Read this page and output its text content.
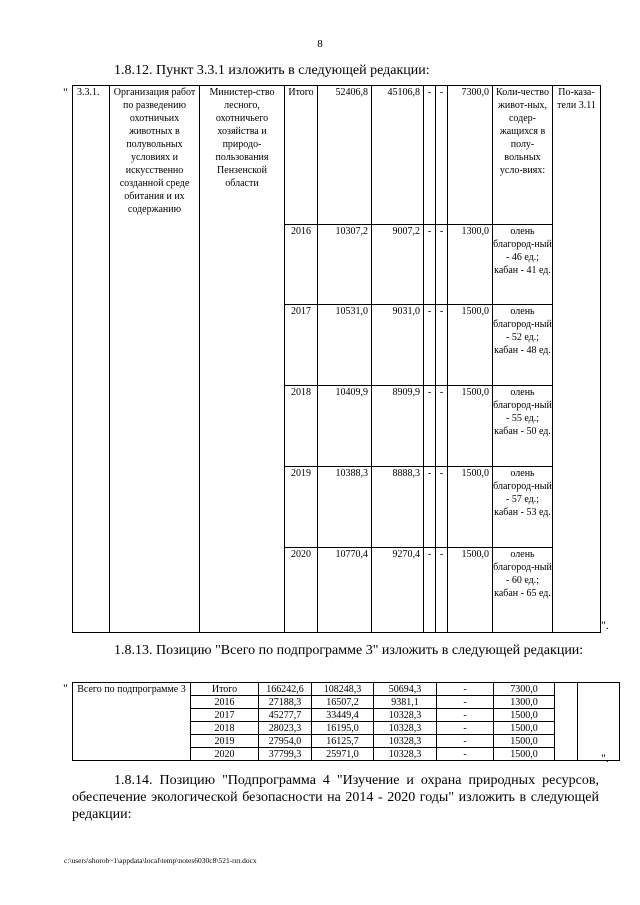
8
1.8.12. Пункт 3.3.1 изложить в следующей редакции:
"
".
3.3.1.	Организация работ по разведению охотничьих животных в полувольных условиях и искусственно созданной среде обитания и их содержанию	Министер-ство лесного, охотничьего хозяйства и природо-пользования Пензенской области	Итого	52406,8	45106,8	-	-	7300,0	Коли-чество живот-ных, содер-жащихся в полу-вольных усло-виях:	По-каза-тели 3.11
			2016	10307,2	9007,2	-	-	1300,0	олень благород-ный - 46 ед.; кабан - 41 ед.	
			2017	10531,0	9031,0	-	-	1500,0	олень благород-ный - 52 ед.; кабан - 48 ед.	
			2018	10409,9	8909,9	-	-	1500,0	олень благород-ный - 55 ед.; кабан - 50 ед.	
			2019	10388,3	8888,3	-	-	1500,0	олень благород-ный - 57 ед.; кабан - 53 ед.	
			2020	10770,4	9270,4	-	-	1500,0	олень благород-ный - 60 ед.; кабан - 65 ед.	
1.8.13. Позицию "Всего по подпрограмме 3" изложить в следующей редакции:
"
".
Всего по подпрограмме 3	Итого	166242,6	108248,3	50694,3	-	7300,0		
	2016	27188,3	16507,2	9381,1	-	1300,0		
	2017	45277,7	33449,4	10328,3	-	1500,0		
	2018	28023,3	16195,0	10328,3	-	1500,0		
	2019	27954,0	16125,7	10328,3	-	1500,0		
	2020	37799,3	25971,0	10328,3	-	1500,0		
1.8.14. Позицию "Подпрограмма 4 "Изучение и охрана природных ресурсов, обеспечение экологической безопасности на 2014 - 2020 годы" изложить в следующей редакции:
c:\users\shorob~1\appdata\local\temp\notes6030c8\521-пп.docx
